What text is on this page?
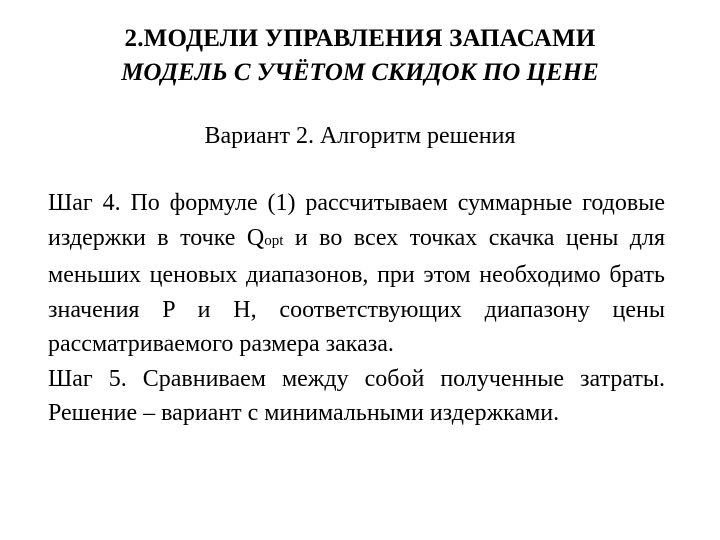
2.МОДЕЛИ УПРАВЛЕНИЯ ЗАПАСАМИ
МОДЕЛЬ С УЧЁТОМ СКИДОК ПО ЦЕНЕ
Вариант 2. Алгоритм решения

Шаг 4. По формуле (1) рассчитываем суммарные годовые издержки в точке Qopt и во всех точках скачка цены для меньших ценовых диапазонов, при этом необходимо брать значения P и H, соответствующих диапазону цены рассматриваемого размера заказа.

Шаг 5. Сравниваем между собой полученные затраты. Решение – вариант с минимальными издержками.
